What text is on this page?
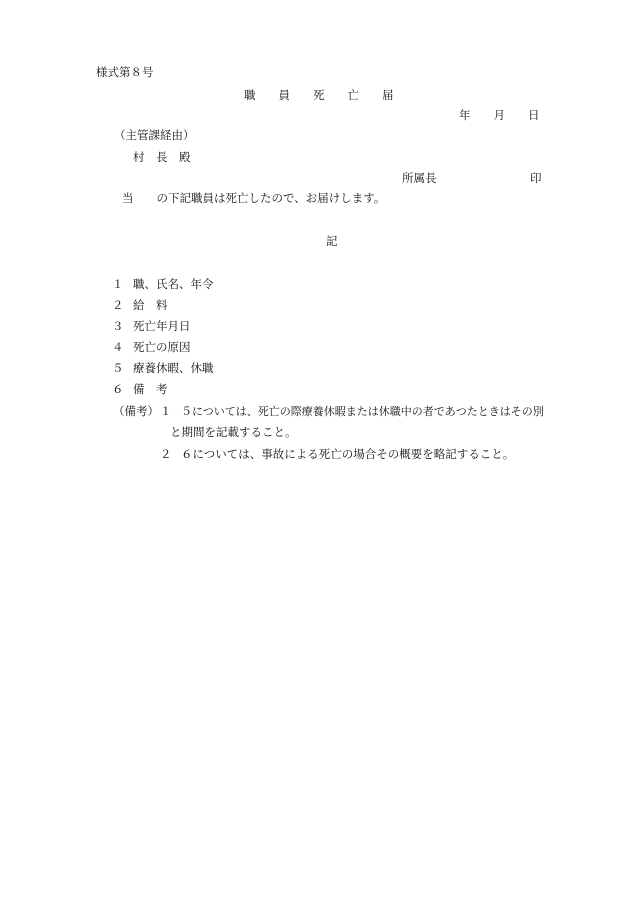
様式第８号
職　　員　　死　　亡　　届
年　　月　　日
（主管課経由）
村　長　殿
所属長	印
当　　の下記職員は死亡したので、お届けします。
記
１ 職、氏名、年令
２ 給　料
３ 死亡年月日
４ 死亡の原因
５ 療養休暇、休職
６ 備　考
（備考） １ ５については、死亡の際療養休暇または休職中の者であつたときはその別
と期間を記載すること。
２ ６については、事故による死亡の場合その概要を略記すること。
